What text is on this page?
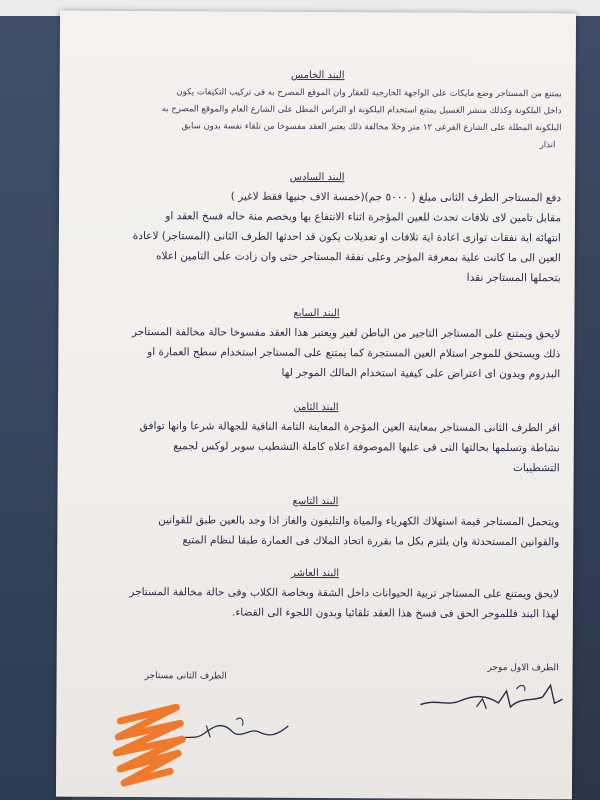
البند الخامس
يمتنع من المستاجر وضع مايكات على الواجهة الخارجية للعقار وان الموقع المصرح به فى تركيب التكيفات يكون
داخل البلكونة وكذلك منشر الغسيل يمتنع استخدام البلكونة او التراس المطل على الشارع العام والموقع المصرح به
البلكونة المطلة على الشارع الفرعى ١٢ متر وخلا مخالفة ذلك يعتبر العقد مفسوخا من تلقاء نفسة بدون سابق
انذار
البند السادس
دفع المستاجر الطرف الثانى مبلغ ( ٥٠٠٠ جم)(خمسة الاف جنيها فقط لاغير )
مقابل تامين لاى تلافات تحدث للعين المؤجرة اثناء الانتفاع بها ويخصم منة حاله فسخ العقد او
انتهائه اية نفقات توازى اعادة اية تلافات او تعديلات يكون قد احدثها الطرف الثانى (المستاجر) لاعادة
العين الى ما كانت علية بمعرفة المؤجر وعلى نفقة المستاجر حتى وان زادت على التامين اعلاه
بتحملها المستاجر نقدا
البند السابع
لايحق ويمتنع على المستاجر التاجير من الباطن لغير ويعتبر هذا العقد مفسوخا حالة مخالفة المستاجر
ذلك ويستحق للموجر استلام العين المستجرة كما يمتنع على المستاجر استخدام سطح العمارة او
البدروم ويدون اى اعتراض على كيفية استخدام المالك الموجر لها
البند الثامن
اقر الطرف الثانى المستاجر بمعاينة العين المؤجرة المعاينة التامة النافية للجهالة شرعا وانها توافق
نشاطة وتسلمها بحالتها التى فى علبها الموصوفة اعلاه كاملة التشطيب سوبر لوكس لجميع
التشطيبات
البند التاسع
ويتحمل المستاجر قيمة استهلاك الكهرباء والمياة والتليفون والغاز اذا وجد بالعين طبق للقوانين
والقوانين المستحدثة وان يلتزم بكل ما بقررة اتحاد الملاك فى العمارة طبقا لنظام المتبع
البند العاشر
لايحق ويمتنع على المستاجر تربية الحيوانات داخل الشقة وبخاصة الكلاب وفى حالة مخالفة المستاجر
لهذا البند فللموجر الحق فى فسخ هذا العقد تلقائيا وبدون اللجوء الى القضاء.
الطرف الاول موجر
الطرف الثانى مستاجر
